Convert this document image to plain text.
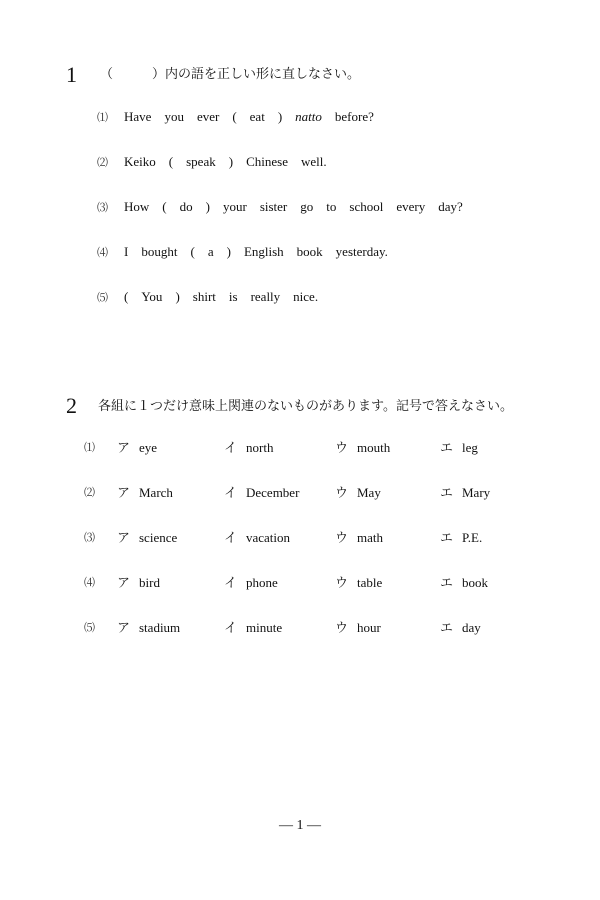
1 （　　　）内の語を正しい形に直しなさい。
⑴ Have you ever ( eat ) natto before?
⑵ Keiko ( speak ) Chinese well.
⑶ How ( do ) your sister go to school every day?
⑷ I bought ( a ) English book yesterday.
⑸ ( You ) shirt is really nice.
2 各組に１つだけ意味上関連のないものがあります。記号で答えなさい。
⑴ ア eye	イ north	ウ mouth	エ leg
⑵ ア March	イ December	ウ May	エ Mary
⑶ ア science	イ vacation	ウ math	エ P.E.
⑷ ア bird	イ phone	ウ table	エ book
⑸ ア stadium	イ minute	ウ hour	エ day
― 1 ―
